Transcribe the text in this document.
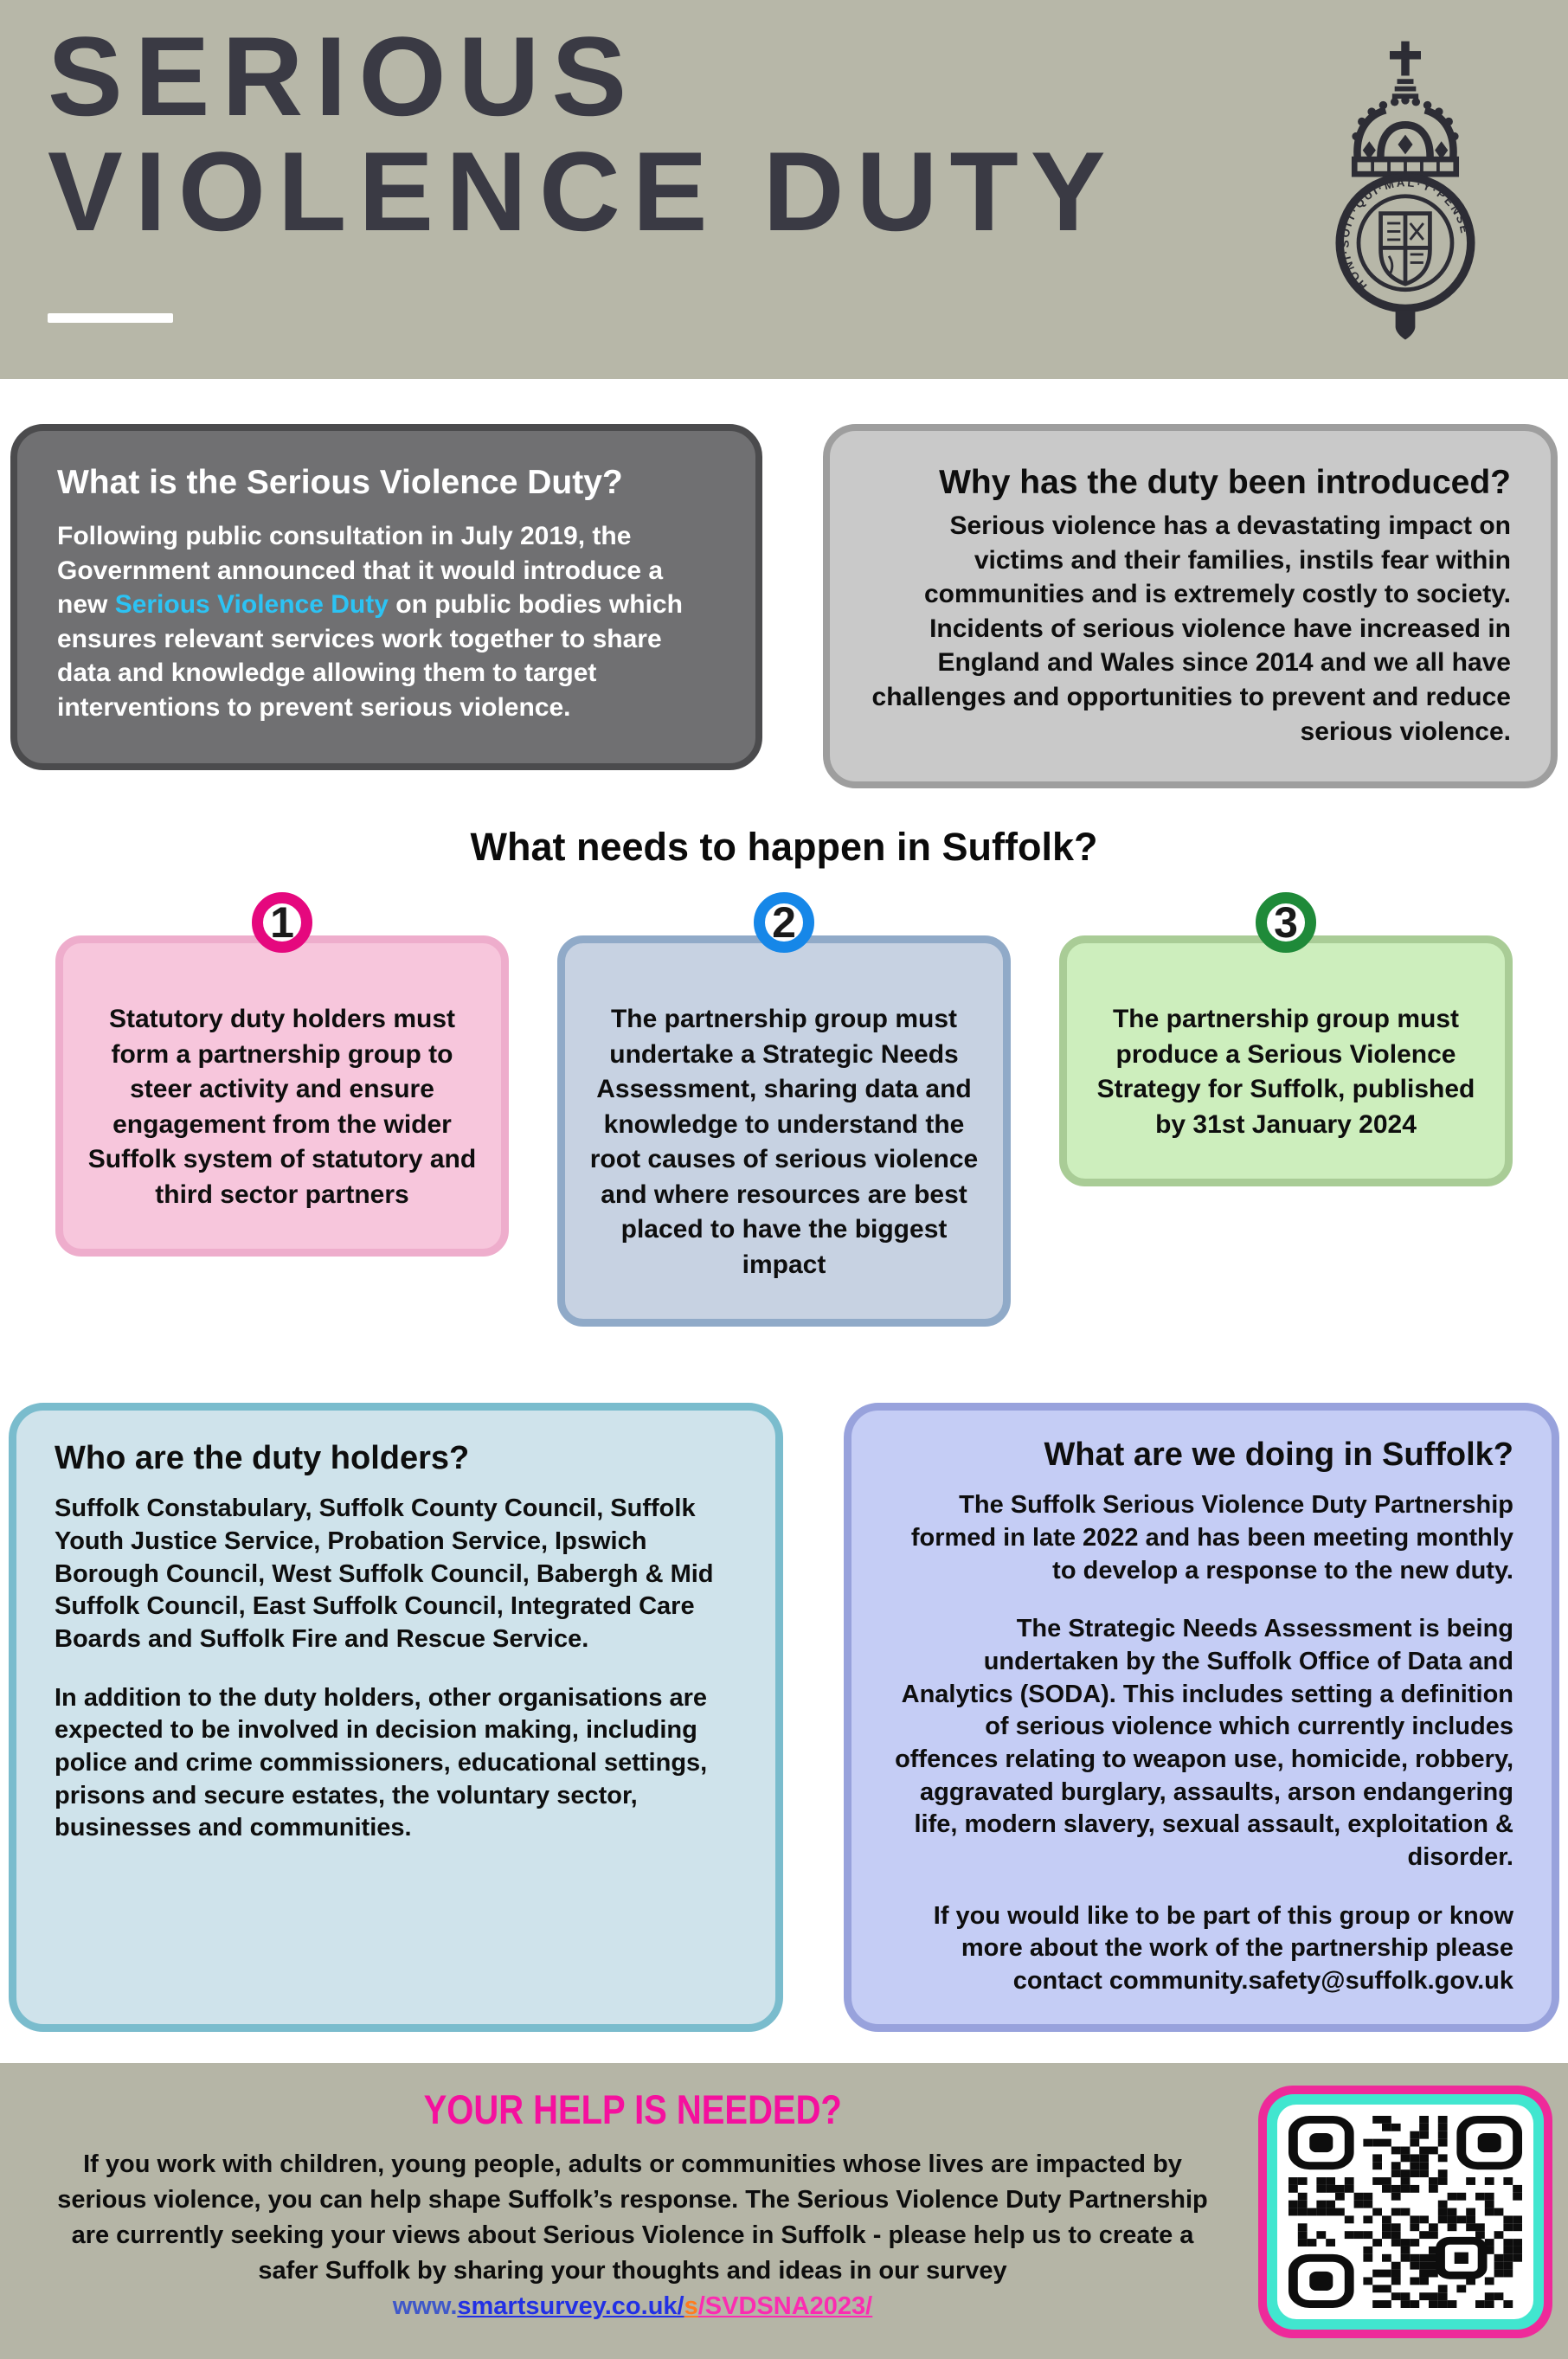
SERIOUS
VIOLENCE DUTY
HONI·SOIT·QUI·MAL·Y·PENSE
What is the Serious Violence Duty?

Following public consultation in July 2019, the Government announced that it would introduce a new Serious Violence Duty on public bodies which ensures relevant services work together to share data and knowledge allowing them to target interventions to prevent serious violence.

Why has the duty been introduced?

Serious violence has a devastating impact on victims and their families, instils fear within communities and is extremely costly to society. Incidents of serious violence have increased in England and Wales since 2014 and we all have challenges and opportunities to prevent and reduce serious violence.

What needs to happen in Suffolk?
1
Statutory duty holders must form a partnership group to steer activity and ensure engagement from the wider Suffolk system of statutory and third sector partners
2
The partnership group must undertake a Strategic Needs Assessment, sharing data and knowledge to understand the root causes of serious violence and where resources are best placed to have the biggest impact
3
The partnership group must produce a Serious Violence Strategy for Suffolk, published by 31st January 2024
Who are the duty holders?

Suffolk Constabulary, Suffolk County Council, Suffolk Youth Justice Service, Probation Service, Ipswich Borough Council, West Suffolk Council, Babergh & Mid Suffolk Council, East Suffolk Council, Integrated Care Boards and Suffolk Fire and Rescue Service.

In addition to the duty holders, other organisations are expected to be involved in decision making, including police and crime commissioners, educational settings, prisons and secure estates, the voluntary sector, businesses and communities.

What are we doing in Suffolk?

The Suffolk Serious Violence Duty Partnership formed in late 2022 and has been meeting monthly to develop a response to the new duty.

The Strategic Needs Assessment is being undertaken by the Suffolk Office of Data and Analytics (SODA). This includes setting a definition of serious violence which currently includes offences relating to weapon use, homicide, robbery, aggravated burglary, assaults, arson endangering life, modern slavery, sexual assault, exploitation & disorder.

If you would like to be part of this group or know more about the work of the partnership please contact community.safety@suffolk.gov.uk

YOUR HELP IS NEEDED?

If you work with children, young people, adults or communities whose lives are impacted by serious violence, you can help shape Suffolk’s response. The Serious Violence Duty Partnership are currently seeking your views about Serious Violence in Suffolk - please help us to create a safer Suffolk by sharing your thoughts and ideas in our survey www.smartsurvey.co.uk/s/SVDSNA2023/
